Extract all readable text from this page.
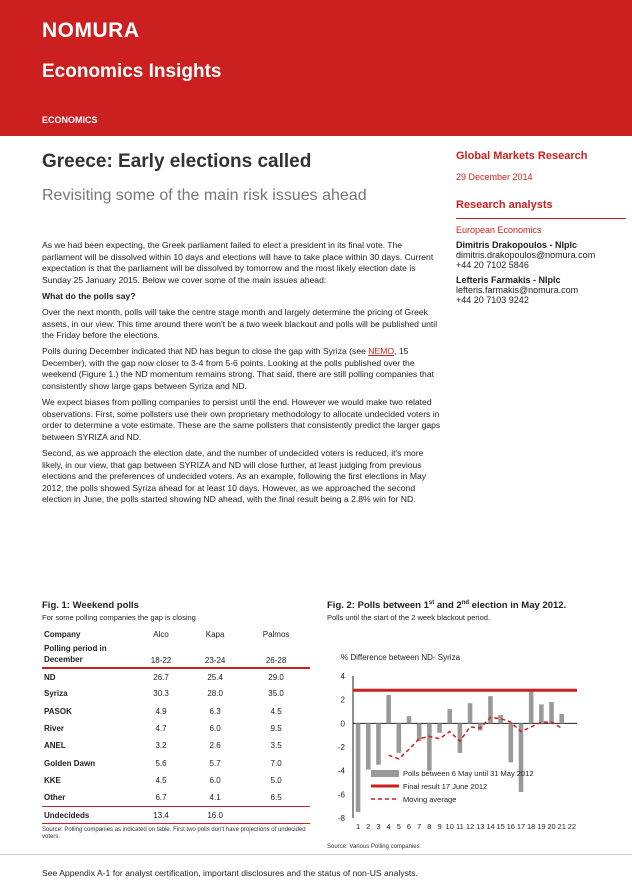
NOMURA
Economics Insights
ECONOMICS
Greece: Early elections called
Revisiting some of the main risk issues ahead
Global Markets Research
29 December 2014
Research analysts
European Economics
Dimitris Drakopoulos - NIplc
dimitris.drakopoulos@nomura.com
+44 20 7102 5846
Lefteris Farmakis - NIplc
lefteris.farmakis@nomura.com
+44 20 7103 9242

As we had been expecting, the Greek parliament failed to elect a president in its final vote. The parliament will be dissolved within 10 days and elections will have to take place within 30 days. Current expectation is that the parliament will be dissolved by tomorrow and the most likely election date is Sunday 25 January 2015. Below we cover some of the main issues ahead:

What do the polls say?

Over the next month, polls will take the centre stage month and largely determine the pricing of Greek assets, in our view. This time around there won't be a two week blackout and polls will be published until the Friday before the elections.

Polls during December indicated that ND has begun to close the gap with Syriza (see NEMO, 15 December), with the gap now closer to 3-4 from 5-6 points. Looking at the polls published over the weekend (Figure 1.) the ND momentum remains strong. That said, there are still polling companies that consistently show large gaps between Syriza and ND.

We expect biases from polling companies to persist until the end. However we would make two related observations. First, some pollsters use their own proprietary methodology to allocate undecided voters in order to determine a vote estimate. These are the same pollsters that consistently predict the larger gaps between SYRIZA and ND.

Second, as we approach the election date, and the number of undecided voters is reduced, it's more likely, in our view, that gap between SYRIZA and ND will close further, at least judging from previous elections and the preferences of undecided voters. As an example, following the first elections in May 2012, the polls showed Syriza ahead for at least 10 days. However, as we approached the second election in June, the polls started showing ND ahead, with the final result being a 2.8% win for ND.

Fig. 1: Weekend polls
For some polling companies the gap is closing
Company	Alco	Kapa	Palmos
Polling period in December	18-22	23-24	26-28
ND	26.7	25.4	29.0
Syriza	30.3	28.0	35.0
PASOK	4.9	6.3	4.5
River	4.7	6.0	9.5
ANEL	3.2	2.6	3.5
Golden Dawn	5.6	5.7	7.0
KKE	4.5	6.0	5.0
Other	6.7	4.1	6.5
Undecideds	13.4	16.0	
Source: Polling companies as indicated on table. First two polls don't have projections of undecided voters.
Fig. 2: Polls between 1st and 2nd election in May 2012.
Polls until the start of the 2 week blackout period.
% Difference between ND- Syriza
-8
-6
-4
-2
0
2
4
1 2 3 4 5 6 7 8 9 10 11 12 13 14 15 16 17 18 19 20 21 22
Polls between 6 May until 31 May 2012
Final result 17 June 2012
Moving average
Source: Various Polling companies
See Appendix A-1 for analyst certification, important disclosures and the status of non-US analysts.
